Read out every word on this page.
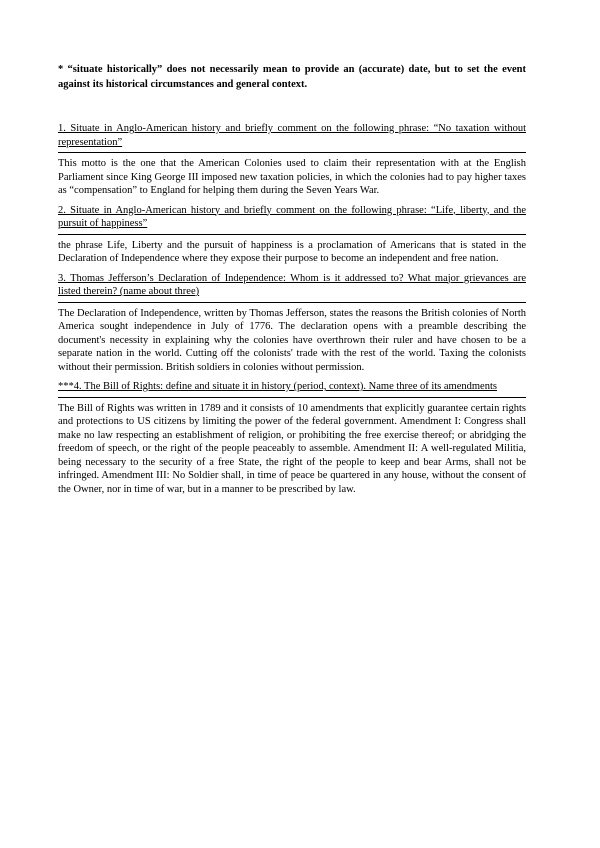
* “situate historically” does not necessarily mean to provide an (accurate) date, but to set the event against its historical circumstances and general context.

1. Situate in Anglo-American history and briefly comment on the following phrase: “No taxation without representation”

This motto is the one that the American Colonies used to claim their representation with at the English Parliament since King George III imposed new taxation policies, in which the colonies had to pay higher taxes as “compensation” to England for helping them during the Seven Years War.

2. Situate in Anglo-American history and briefly comment on the following phrase: “Life, liberty, and the pursuit of happiness”

the phrase Life, Liberty and the pursuit of happiness is a proclamation of Americans that is stated in the Declaration of Independence where they expose their purpose to become an independent and free nation.

3. Thomas Jefferson’s Declaration of Independence: Whom is it addressed to? What major grievances are listed therein? (name about three)

The Declaration of Independence, written by Thomas Jefferson, states the reasons the British colonies of North America sought independence in July of 1776. The declaration opens with a preamble describing the document's necessity in explaining why the colonies have overthrown their ruler and have chosen to be a separate nation in the world. Cutting off the colonists' trade with the rest of the world. Taxing the colonists without their permission. British soldiers in colonies without permission.

***4. The Bill of Rights: define and situate it in history (period, context). Name three of its amendments

The Bill of Rights was written in 1789 and it consists of 10 amendments that explicitly guarantee certain rights and protections to US citizens by limiting the power of the federal government. Amendment I: Congress shall make no law respecting an establishment of religion, or prohibiting the free exercise thereof; or abridging the freedom of speech, or the right of the people peaceably to assemble. Amendment II: A well-regulated Militia, being necessary to the security of a free State, the right of the people to keep and bear Arms, shall not be infringed. Amendment III: No Soldier shall, in time of peace be quartered in any house, without the consent of the Owner, nor in time of war, but in a manner to be prescribed by law.
